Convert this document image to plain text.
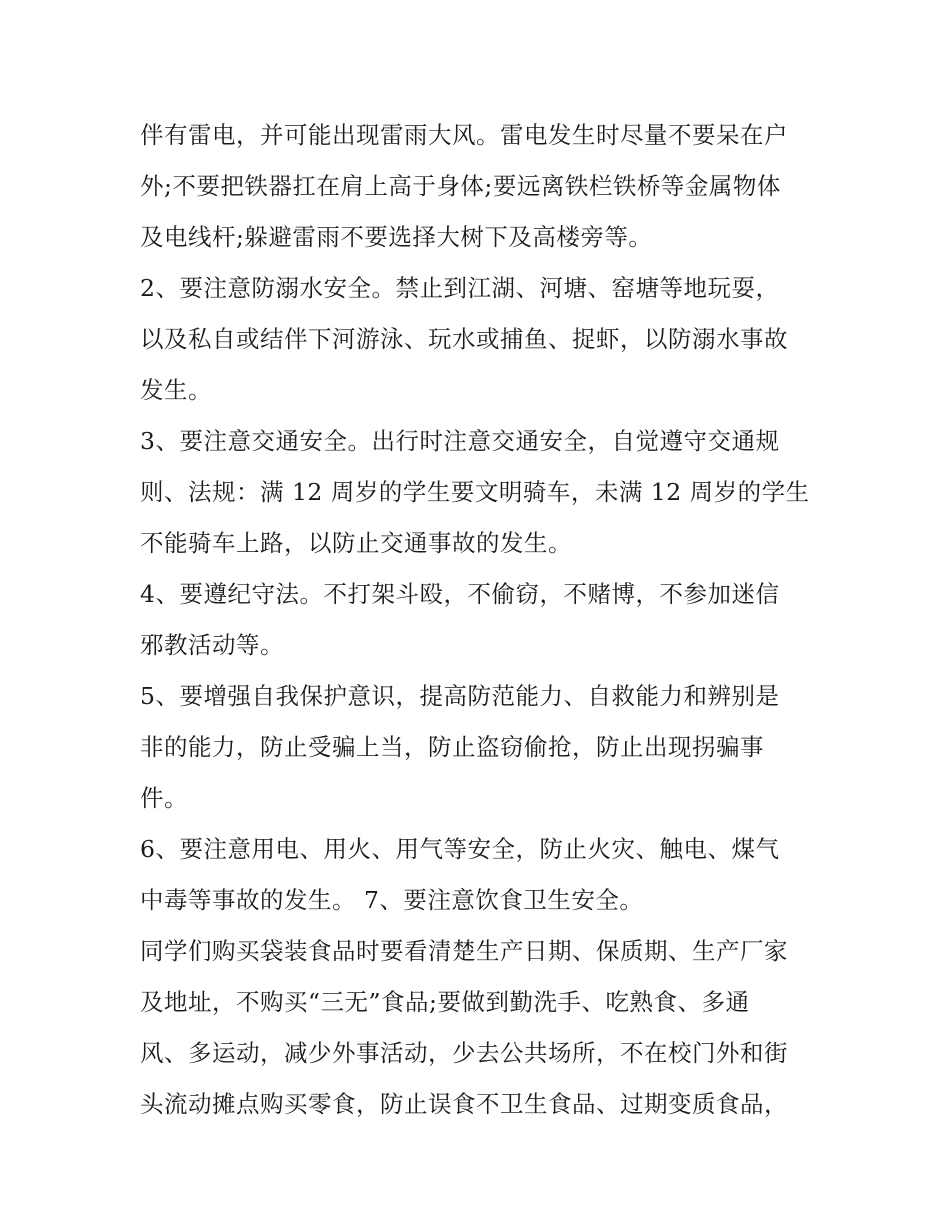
伴有雷电，并可能出现雷雨大风。雷电发生时尽量不要呆在户
外;不要把铁器扛在肩上高于身体;要远离铁栏铁桥等金属物体
及电线杆;躲避雷雨不要选择大树下及高楼旁等。
2、要注意防溺水安全。禁止到江湖、河塘、窑塘等地玩耍，
以及私自或结伴下河游泳、玩水或捕鱼、捉虾，以防溺水事故
发生。
3、要注意交通安全。出行时注意交通安全，自觉遵守交通规
则、法规：满 12 周岁的学生要文明骑车，未满 12 周岁的学生
不能骑车上路，以防止交通事故的发生。
4、要遵纪守法。不打架斗殴，不偷窃，不赌博，不参加迷信
邪教活动等。
5、要增强自我保护意识，提高防范能力、自救能力和辨别是
非的能力，防止受骗上当，防止盗窃偷抢，防止出现拐骗事
件。
6、要注意用电、用火、用气等安全，防止火灾、触电、煤气
中毒等事故的发生。 7、要注意饮食卫生安全。
同学们购买袋装食品时要看清楚生产日期、保质期、生产厂家
及地址，不购买“三无”食品;要做到勤洗手、吃熟食、多通
风、多运动，减少外事活动，少去公共场所，不在校门外和街
头流动摊点购买零食，防止误食不卫生食品、过期变质食品，
